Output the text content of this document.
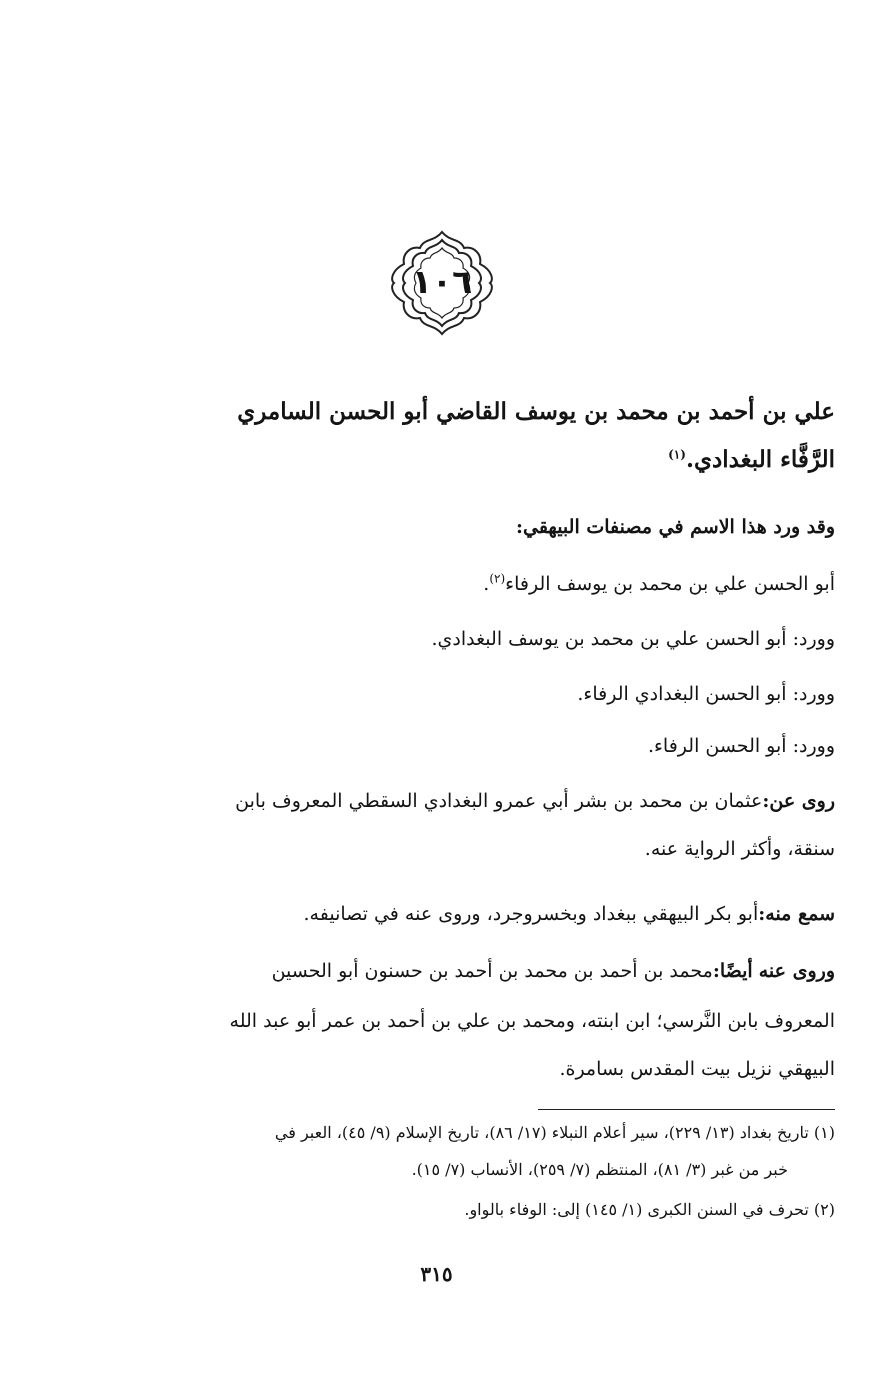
١٠٦
علي بن أحمد بن محمد بن يوسف القاضي أبو الحسن السامري
الرَّفَّاء البغدادي.$^{(١)}$
وقد ورد هذا الاسم في مصنفات البيهقي:
أبو الحسن علي بن محمد بن يوسف الرفاء$^{(٢)}$.
وورد: أبو الحسن علي بن محمد بن يوسف البغدادي.
وورد: أبو الحسن البغدادي الرفاء.
وورد: أبو الحسن الرفاء.
روى عن:عثمان بن محمد بن بشر أبي عمرو البغدادي السقطي المعروف بابن
سنقة، وأكثر الرواية عنه.
سمع منه:أبو بكر البيهقي ببغداد وبخسروجرد، وروى عنه في تصانيفه.
وروى عنه أيضًا:محمد بن أحمد بن محمد بن أحمد بن حسنون أبو الحسين
المعروف بابن النَّرسي؛ ابن ابنته، ومحمد بن علي بن أحمد بن عمر أبو عبد الله
البيهقي نزيل بيت المقدس بسامرة.
(١) تاريخ بغداد (١٣/ ٢٢٩)، سير أعلام النبلاء (١٧/ ٨٦)، تاريخ الإسلام (٩/ ٤٥)، العبر في
خبر من غبر (٣/ ٨١)، المنتظم (٧/ ٢٥٩)، الأنساب (٧/ ١٥).
(٢) تحرف في السنن الكبرى (١/ ١٤٥) إلى: الوفاء بالواو.
٣١٥
